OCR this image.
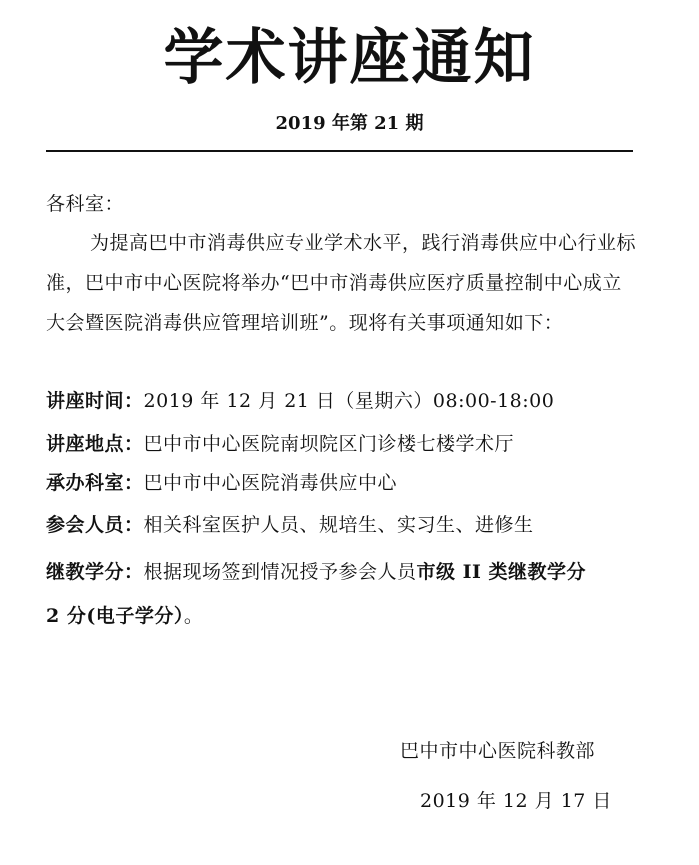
学术讲座通知
2019 年第 21 期
各科室：
为提高巴中市消毒供应专业学术水平，践行消毒供应中心行业标准，巴中市中心医院将举办“巴中市消毒供应医疗质量控制中心成立大会暨医院消毒供应管理培训班”。现将有关事项通知如下：
讲座时间：2019 年 12 月 21 日（星期六）08:00-18:00
讲座地点：巴中市中心医院南坝院区门诊楼七楼学术厅
承办科室：巴中市中心医院消毒供应中心
参会人员：相关科室医护人员、规培生、实习生、进修生
继教学分：根据现场签到情况授予参会人员市级 II 类继教学分
2 分(电子学分）。
巴中市中心医院科教部
2019 年 12 月 17 日
